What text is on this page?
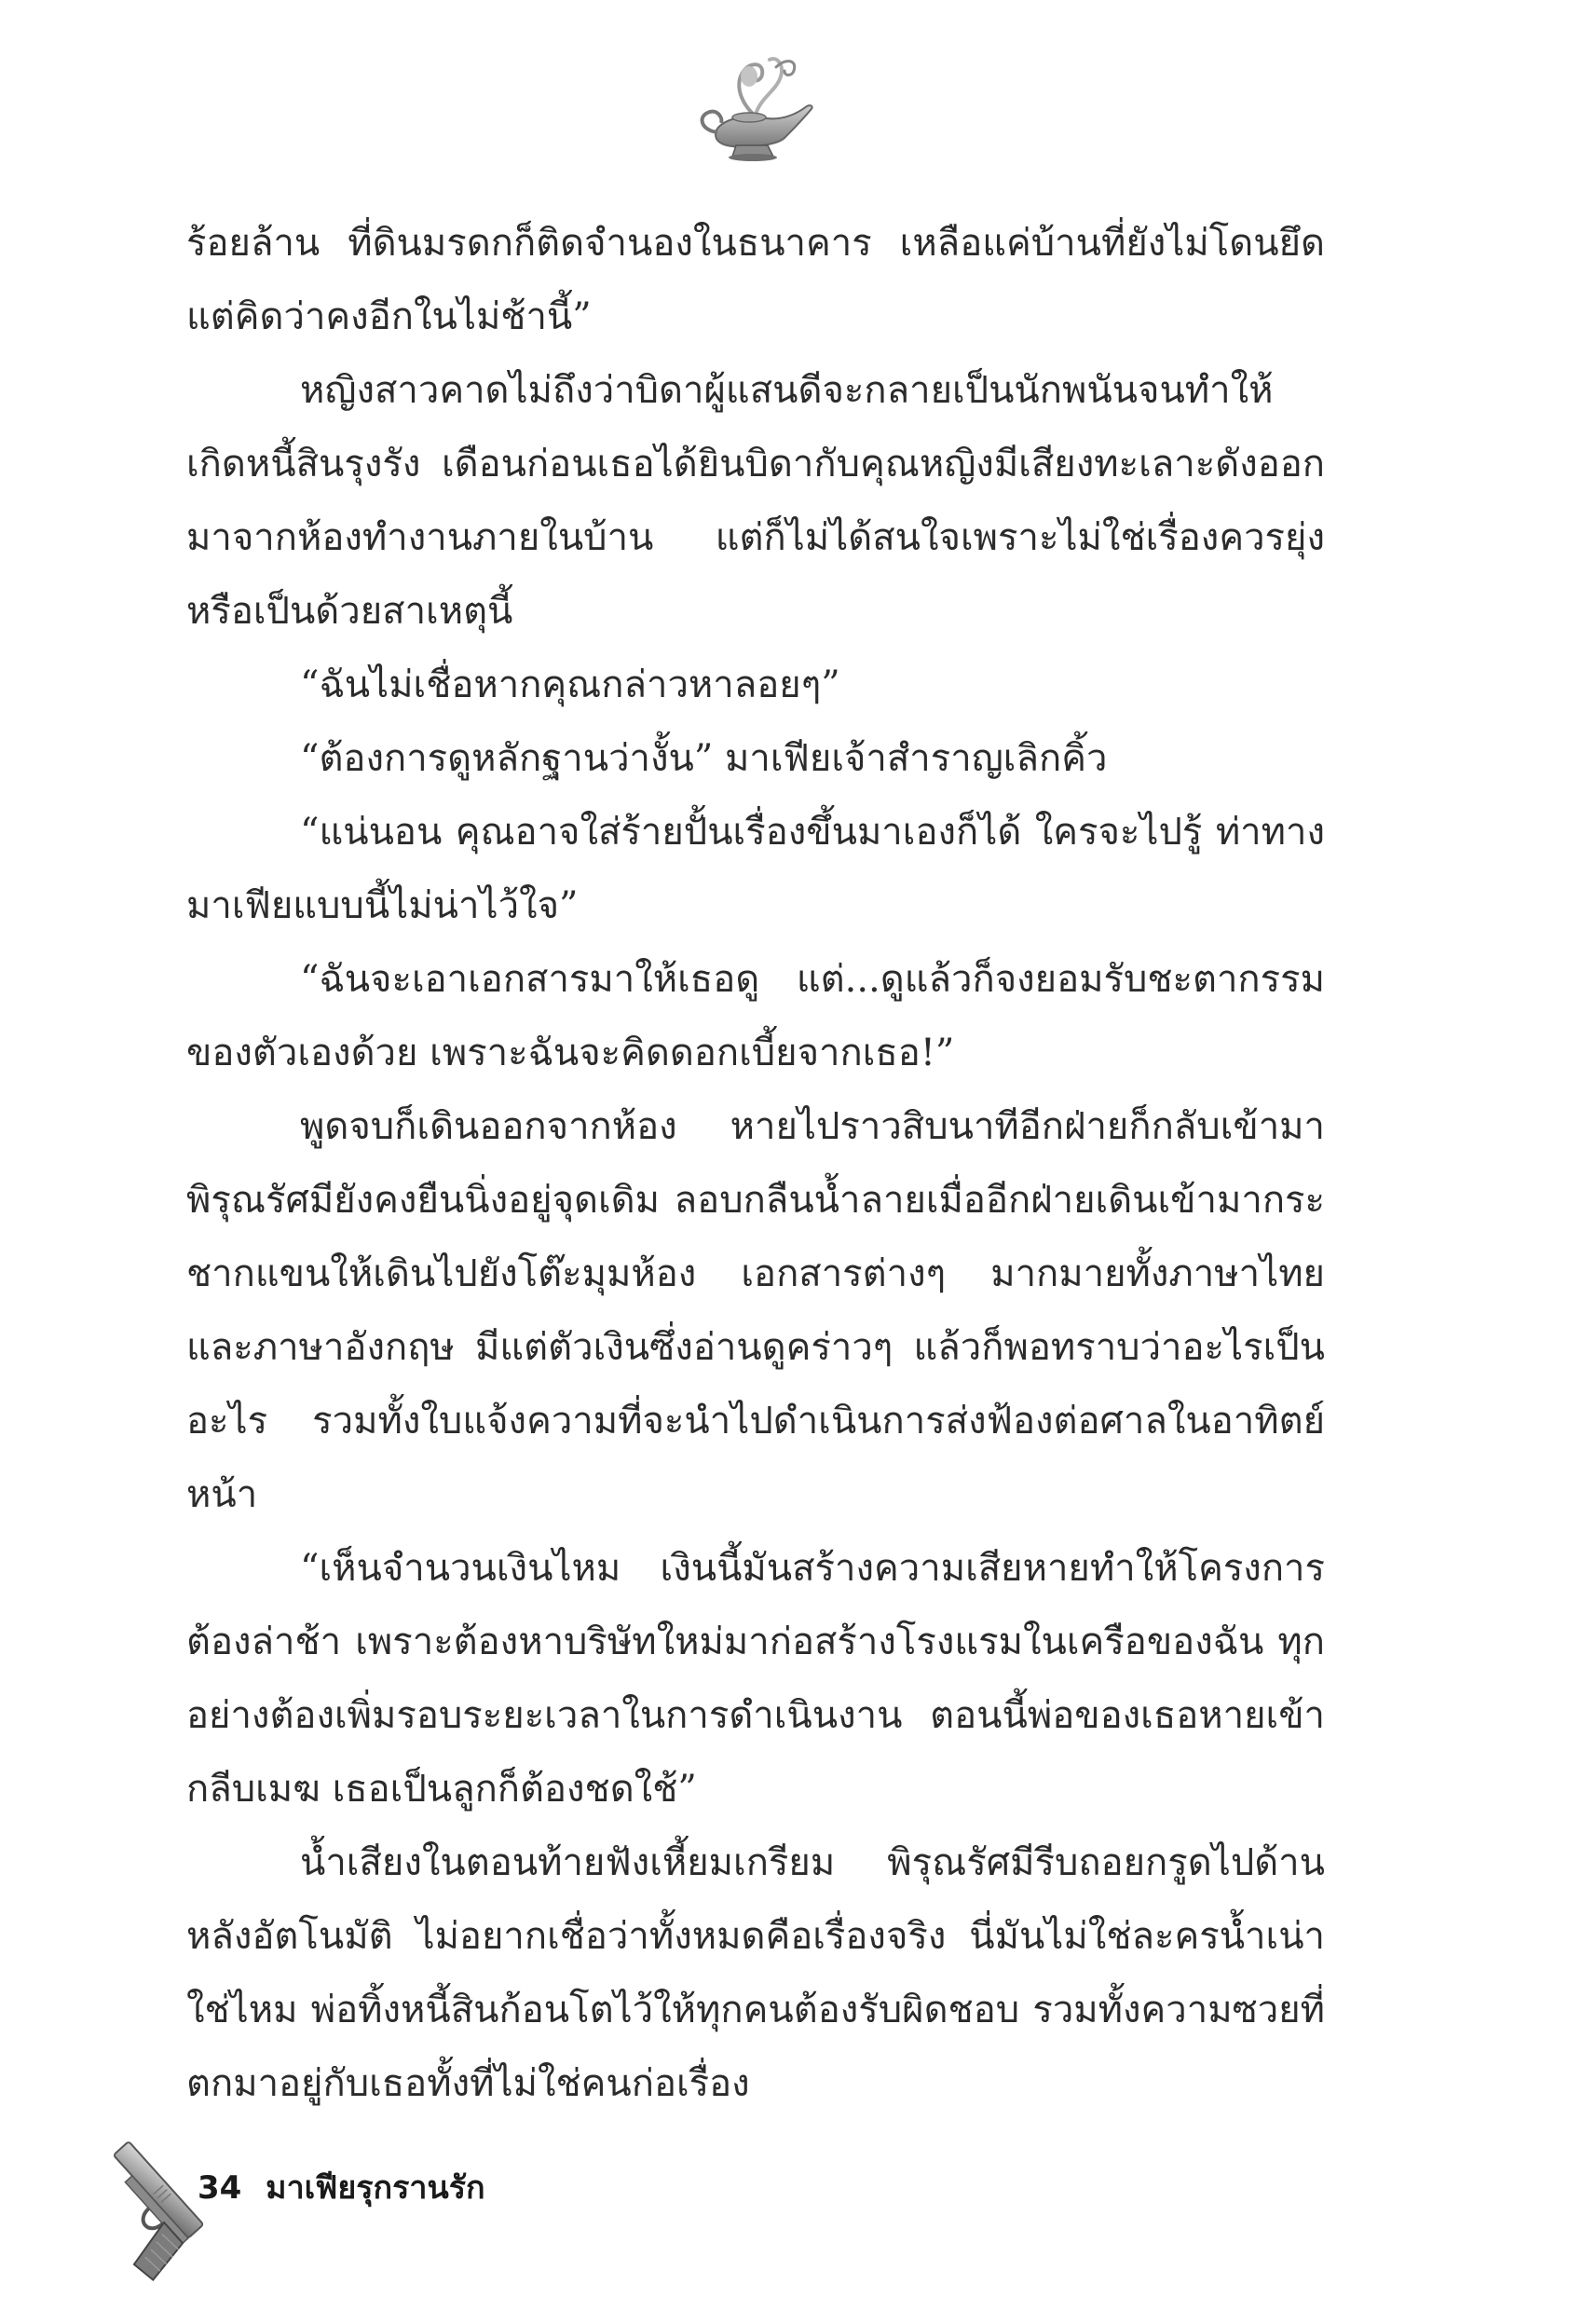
ร้อยล้าน ที่ดินมรดกก็ติดจำนองในธนาคาร เหลือแค่บ้านที่ยังไม่โดนยึด แต่คิดว่าคงอีกในไม่ช้านี้”

หญิงสาวคาดไม่ถึงว่าบิดาผู้แสนดีจะกลายเป็นนักพนันจนทำให้เกิดหนี้สินรุงรัง เดือนก่อนเธอได้ยินบิดากับคุณหญิงมีเสียงทะเลาะดังออกมาจากห้องทำงานภายในบ้าน แต่ก็ไม่ได้สนใจเพราะไม่ใช่เรื่องควรยุ่ง หรือเป็นด้วยสาเหตุนี้

“ฉันไม่เชื่อหากคุณกล่าวหาลอยๆ”

“ต้องการดูหลักฐานว่างั้น” มาเฟียเจ้าสำราญเลิกคิ้ว

“แน่นอน คุณอาจใส่ร้ายปั้นเรื่องขึ้นมาเองก็ได้ ใครจะไปรู้ ท่าทางมาเฟียแบบนี้ไม่น่าไว้ใจ”

“ฉันจะเอาเอกสารมาให้เธอดู แต่...ดูแล้วก็จงยอมรับชะตากรรมของตัวเองด้วย เพราะฉันจะคิดดอกเบี้ยจากเธอ!”

พูดจบก็เดินออกจากห้อง หายไปราวสิบนาทีอีกฝ่ายก็กลับเข้ามา พิรุณรัศมียังคงยืนนิ่งอยู่จุดเดิม ลอบกลืนน้ำลายเมื่ออีกฝ่ายเดินเข้ามากระชากแขนให้เดินไปยังโต๊ะมุมห้อง เอกสารต่างๆ มากมายทั้งภาษาไทยและภาษาอังกฤษ มีแต่ตัวเงินซึ่งอ่านดูคร่าวๆ แล้วก็พอทราบว่าอะไรเป็นอะไร รวมทั้งใบแจ้งความที่จะนำไปดำเนินการส่งฟ้องต่อศาลในอาทิตย์หน้า

“เห็นจำนวนเงินไหม เงินนี้มันสร้างความเสียหายทำให้โครงการต้องล่าช้า เพราะต้องหาบริษัทใหม่มาก่อสร้างโรงแรมในเครือของฉัน ทุกอย่างต้องเพิ่มรอบระยะเวลาในการดำเนินงาน ตอนนี้พ่อของเธอหายเข้ากลีบเมฆ เธอเป็นลูกก็ต้องชดใช้”

น้ำเสียงในตอนท้ายฟังเหี้ยมเกรียม พิรุณรัศมีรีบถอยกรูดไปด้านหลังอัตโนมัติ ไม่อยากเชื่อว่าทั้งหมดคือเรื่องจริง นี่มันไม่ใช่ละครน้ำเน่าใช่ไหม พ่อทิ้งหนี้สินก้อนโตไว้ให้ทุกคนต้องรับผิดชอบ รวมทั้งความซวยที่ตกมาอยู่กับเธอทั้งที่ไม่ใช่คนก่อเรื่อง

34 มาเฟียรุกรานรัก
